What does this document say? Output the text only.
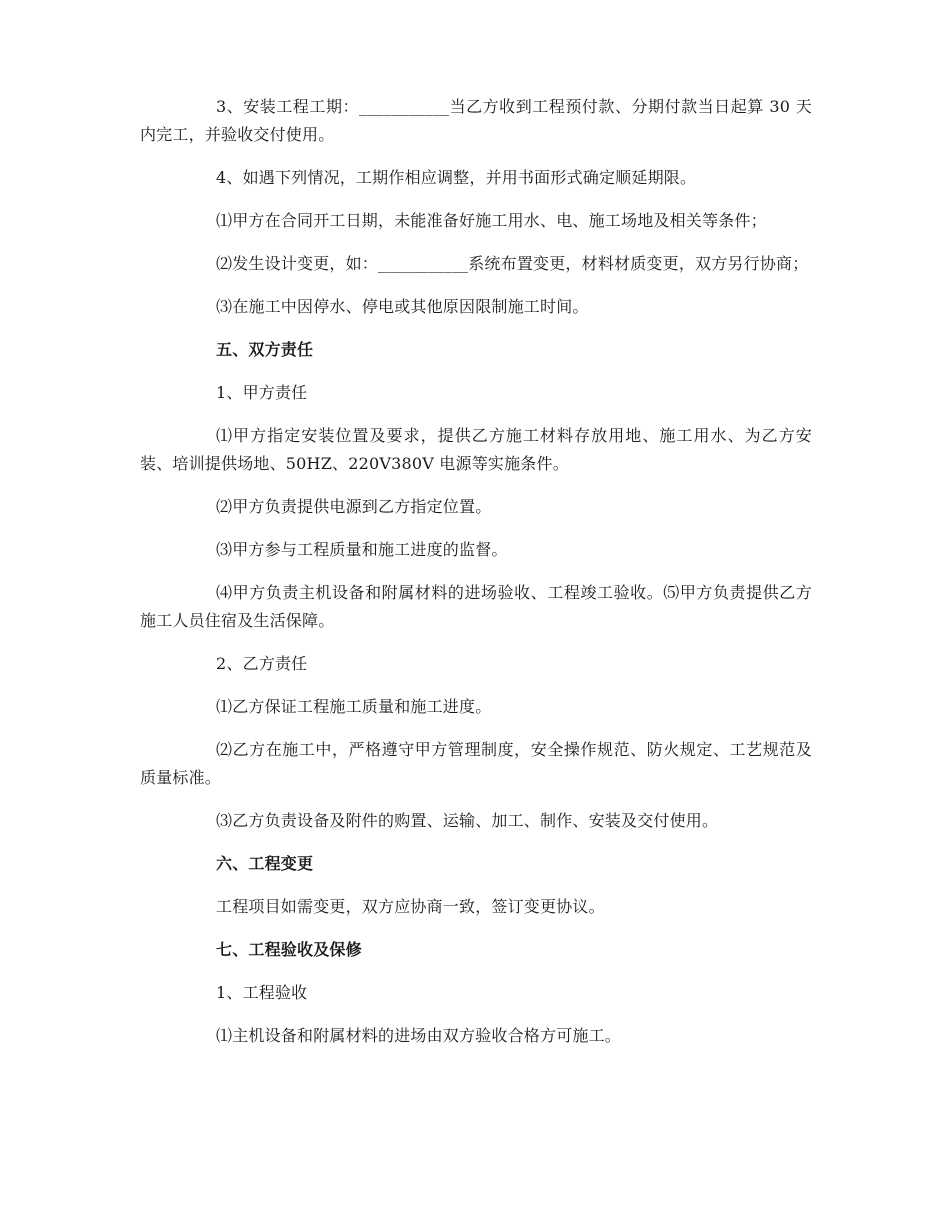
3、安装工程工期：___________当乙方收到工程预付款、分期付款当日起算 30 天内完工，并验收交付使用。

4、如遇下列情况，工期作相应调整，并用书面形式确定顺延期限。

⑴甲方在合同开工日期，未能准备好施工用水、电、施工场地及相关等条件；

⑵发生设计变更，如：___________系统布置变更，材料材质变更，双方另行协商；

⑶在施工中因停水、停电或其他原因限制施工时间。

五、双方责任

1、甲方责任

⑴甲方指定安装位置及要求，提供乙方施工材料存放用地、施工用水、为乙方安装、培训提供场地、50HZ、220V380V 电源等实施条件。

⑵甲方负责提供电源到乙方指定位置。

⑶甲方参与工程质量和施工进度的监督。

⑷甲方负责主机设备和附属材料的进场验收、工程竣工验收。⑸甲方负责提供乙方施工人员住宿及生活保障。

2、乙方责任

⑴乙方保证工程施工质量和施工进度。

⑵乙方在施工中，严格遵守甲方管理制度，安全操作规范、防火规定、工艺规范及质量标准。

⑶乙方负责设备及附件的购置、运输、加工、制作、安装及交付使用。

六、工程变更

工程项目如需变更，双方应协商一致，签订变更协议。

七、工程验收及保修

1、工程验收

⑴主机设备和附属材料的进场由双方验收合格方可施工。
